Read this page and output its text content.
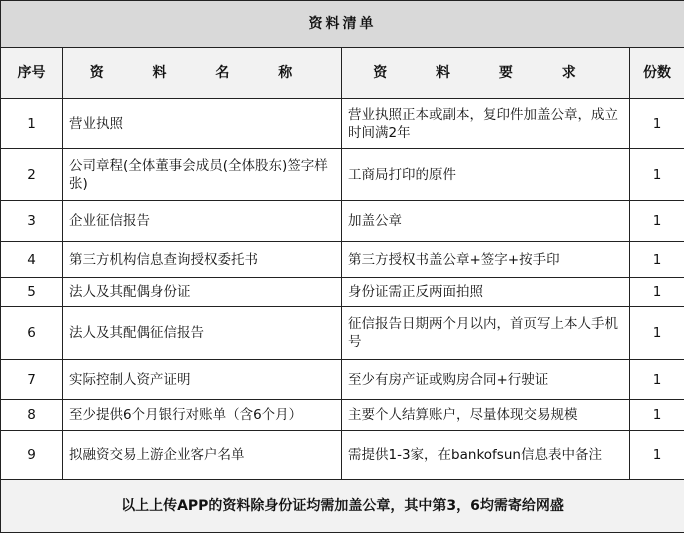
资料清单			
序号	资 料 名 称	资 料 要 求	份数
1	营业执照	营业执照正本或副本，复印件加盖公章，成立时间满2年	1
2	公司章程(全体董事会成员(全体股东)签字样张)	工商局打印的原件	1
3	企业征信报告	加盖公章	1
4	第三方机构信息查询授权委托书	第三方授权书盖公章+签字+按手印	1
5	法人及其配偶身份证	身份证需正反两面拍照	1
6	法人及其配偶征信报告	征信报告日期两个月以内，首页写上本人手机号	1
7	实际控制人资产证明	至少有房产证或购房合同+行驶证	1
8	至少提供6个月银行对账单（含6个月）	主要个人结算账户，尽量体现交易规模	1
9	拟融资交易上游企业客户名单	需提供1-3家，在bankofsun信息表中备注	1
以上上传APP的资料除身份证均需加盖公章，其中第3，6均需寄给网盛			
